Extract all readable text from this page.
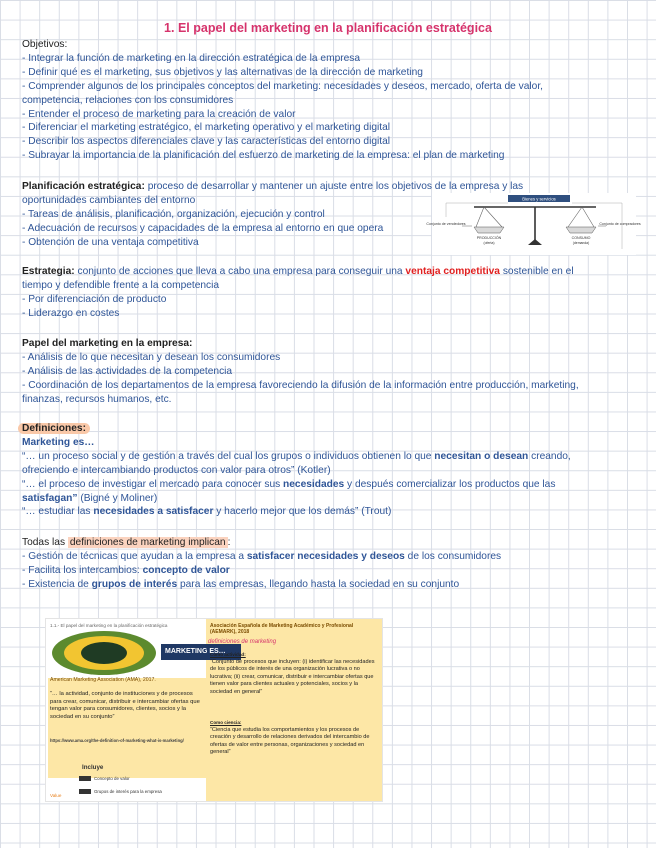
1. El papel del marketing en la planificación estratégica
Objetivos:
- Integrar la función de marketing en la dirección estratégica de la empresa
- Definir qué es el marketing, sus objetivos y las alternativas de la dirección de marketing
- Comprender algunos de los principales conceptos del marketing: necesidades y deseos, mercado, oferta de valor,
competencia, relaciones con los consumidores
- Entender el proceso de marketing para la creación de valor
- Diferenciar el marketing estratégico, el marketing operativo y el marketing digital
- Describir los aspectos diferenciales clave y las características del entorno digital
- Subrayar la importancia de la planificación del esfuerzo de marketing de la empresa: el plan de marketing
Planificación estratégica: proceso de desarrollar y mantener un ajuste entre los objetivos de la empresa y las
oportunidades cambiantes del entorno
- Tareas de análisis, planificación, organización, ejecución y control
- Adecuación de recursos y capacidades de la empresa al entorno en que opera
- Obtención de una ventaja competitiva
Bienes y servicios
PRODUCCIÓN
(oferta)
CONSUMO
(demanda)
Conjunto de vendedores	Conjunto de compradores
Estrategia: conjunto de acciones que lleva a cabo una empresa para conseguir una ventaja competitiva sostenible en el
tiempo y defendible frente a la competencia
- Por diferenciación de producto
- Liderazgo en costes
Papel del marketing en la empresa:
- Análisis de lo que necesitan y desean los consumidores
- Análisis de las actividades de la competencia
- Coordinación de los departamentos de la empresa favoreciendo la difusión de la información entre producción, marketing,
finanzas, recursos humanos, etc.
Definiciones:
Marketing es…
“… un proceso social y de gestión a través del cual los grupos o individuos obtienen lo que necesitan o desean creando,
ofreciendo e intercambiando productos con valor para otros” (Kotler)
“… el proceso de investigar el mercado para conocer sus necesidades y después comercializar los productos que las
satisfagan” (Bigné y Moliner)
“… estudiar las necesidades a satisfacer y hacerlo mejor que los demás” (Trout)
Todas las definiciones de marketing implican :
- Gestión de técnicas que ayudan a la empresa a satisfacer necesidades y deseos de los consumidores
- Facilita los intercambios: concepto de valor
- Existencia de grupos de interés para las empresas, llegando hasta la sociedad en su conjunto
1.1.- El papel del marketing en la planificación estratégica
MARKETING ES…
American Marketing Association (AMA), 2017.
“… la actividad, conjunto de instituciones y de procesos para crear, comunicar, distribuir e intercambiar ofertas que tengan valor para consumidores, clientes, socios y la sociedad en su conjunto”
https://www.ama.org/the-definition-of-marketing-what-is-marketing/
Incluye
Concepto de valor
Grupos de interés para la empresa
Value
Asociación Española de Marketing Académico y Profesional (AEMARK), 2018
definiciones de marketing
Como actividad:
“Conjunto de procesos que incluyen: (i) identificar las necesidades de los públicos de interés de una organización lucrativa o no lucrativa; (ii) crear, comunicar, distribuir e intercambiar ofertas que tienen valor para clientes actuales y potenciales, socios y la sociedad en general”
Como ciencia:
“Ciencia que estudia los comportamientos y los procesos de creación y desarrollo de relaciones derivados del intercambio de ofertas de valor entre personas, organizaciones y sociedad en general”
